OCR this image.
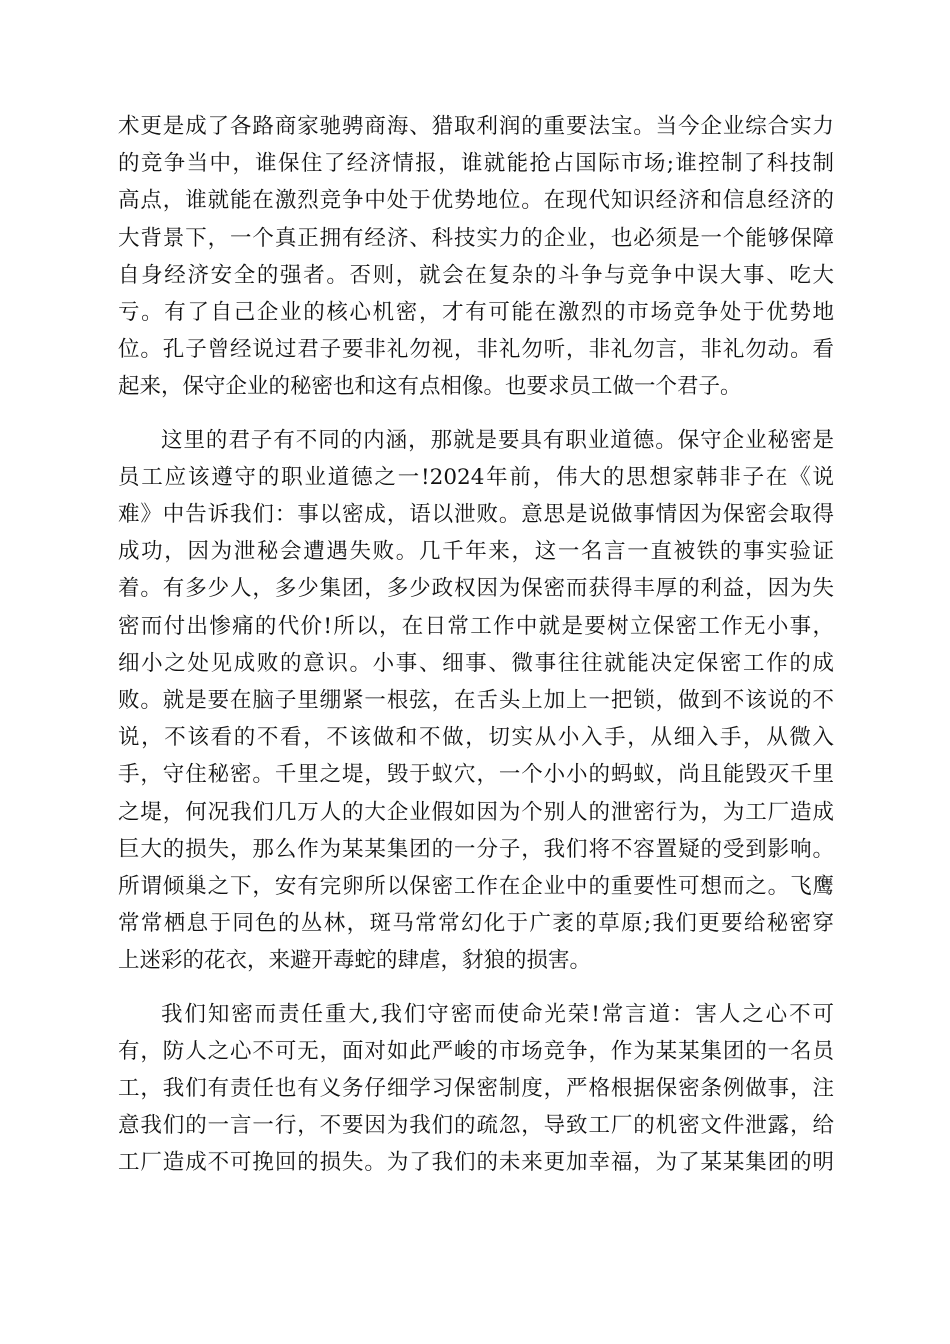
术更是成了各路商家驰骋商海、猎取利润的重要法宝。当今企业综合实力
的竞争当中，谁保住了经济情报，谁就能抢占国际市场;谁控制了科技制
高点，谁就能在激烈竞争中处于优势地位。在现代知识经济和信息经济的
大背景下，一个真正拥有经济、科技实力的企业，也必须是一个能够保障
自身经济安全的强者。否则，就会在复杂的斗争与竞争中误大事、吃大
亏。有了自己企业的核心机密，才有可能在激烈的市场竞争处于优势地
位。孔子曾经说过君子要非礼勿视，非礼勿听，非礼勿言，非礼勿动。看
起来，保守企业的秘密也和这有点相像。也要求员工做一个君子。
这里的君子有不同的内涵，那就是要具有职业道德。保守企业秘密是
员工应该遵守的职业道德之一!2024年前，伟大的思想家韩非子在《说
难》中告诉我们：事以密成，语以泄败。意思是说做事情因为保密会取得
成功，因为泄秘会遭遇失败。几千年来，这一名言一直被铁的事实验证
着。有多少人，多少集团，多少政权因为保密而获得丰厚的利益，因为失
密而付出惨痛的代价!所以，在日常工作中就是要树立保密工作无小事，
细小之处见成败的意识。小事、细事、微事往往就能决定保密工作的成
败。就是要在脑子里绷紧一根弦，在舌头上加上一把锁，做到不该说的不
说，不该看的不看，不该做和不做，切实从小入手，从细入手，从微入
手，守住秘密。千里之堤，毁于蚁穴，一个小小的蚂蚁，尚且能毁灭千里
之堤，何况我们几万人的大企业假如因为个别人的泄密行为，为工厂造成
巨大的损失，那么作为某某集团的一分子，我们将不容置疑的受到影响。
所谓倾巢之下，安有完卵所以保密工作在企业中的重要性可想而之。飞鹰
常常栖息于同色的丛林，斑马常常幻化于广袤的草原;我们更要给秘密穿
上迷彩的花衣，来避开毒蛇的肆虐，豺狼的损害。
我们知密而责任重大,我们守密而使命光荣!常言道：害人之心不可
有，防人之心不可无，面对如此严峻的市场竞争，作为某某集团的一名员
工，我们有责任也有义务仔细学习保密制度，严格根据保密条例做事，注
意我们的一言一行，不要因为我们的疏忽，导致工厂的机密文件泄露，给
工厂造成不可挽回的损失。为了我们的未来更加幸福，为了某某集团的明
